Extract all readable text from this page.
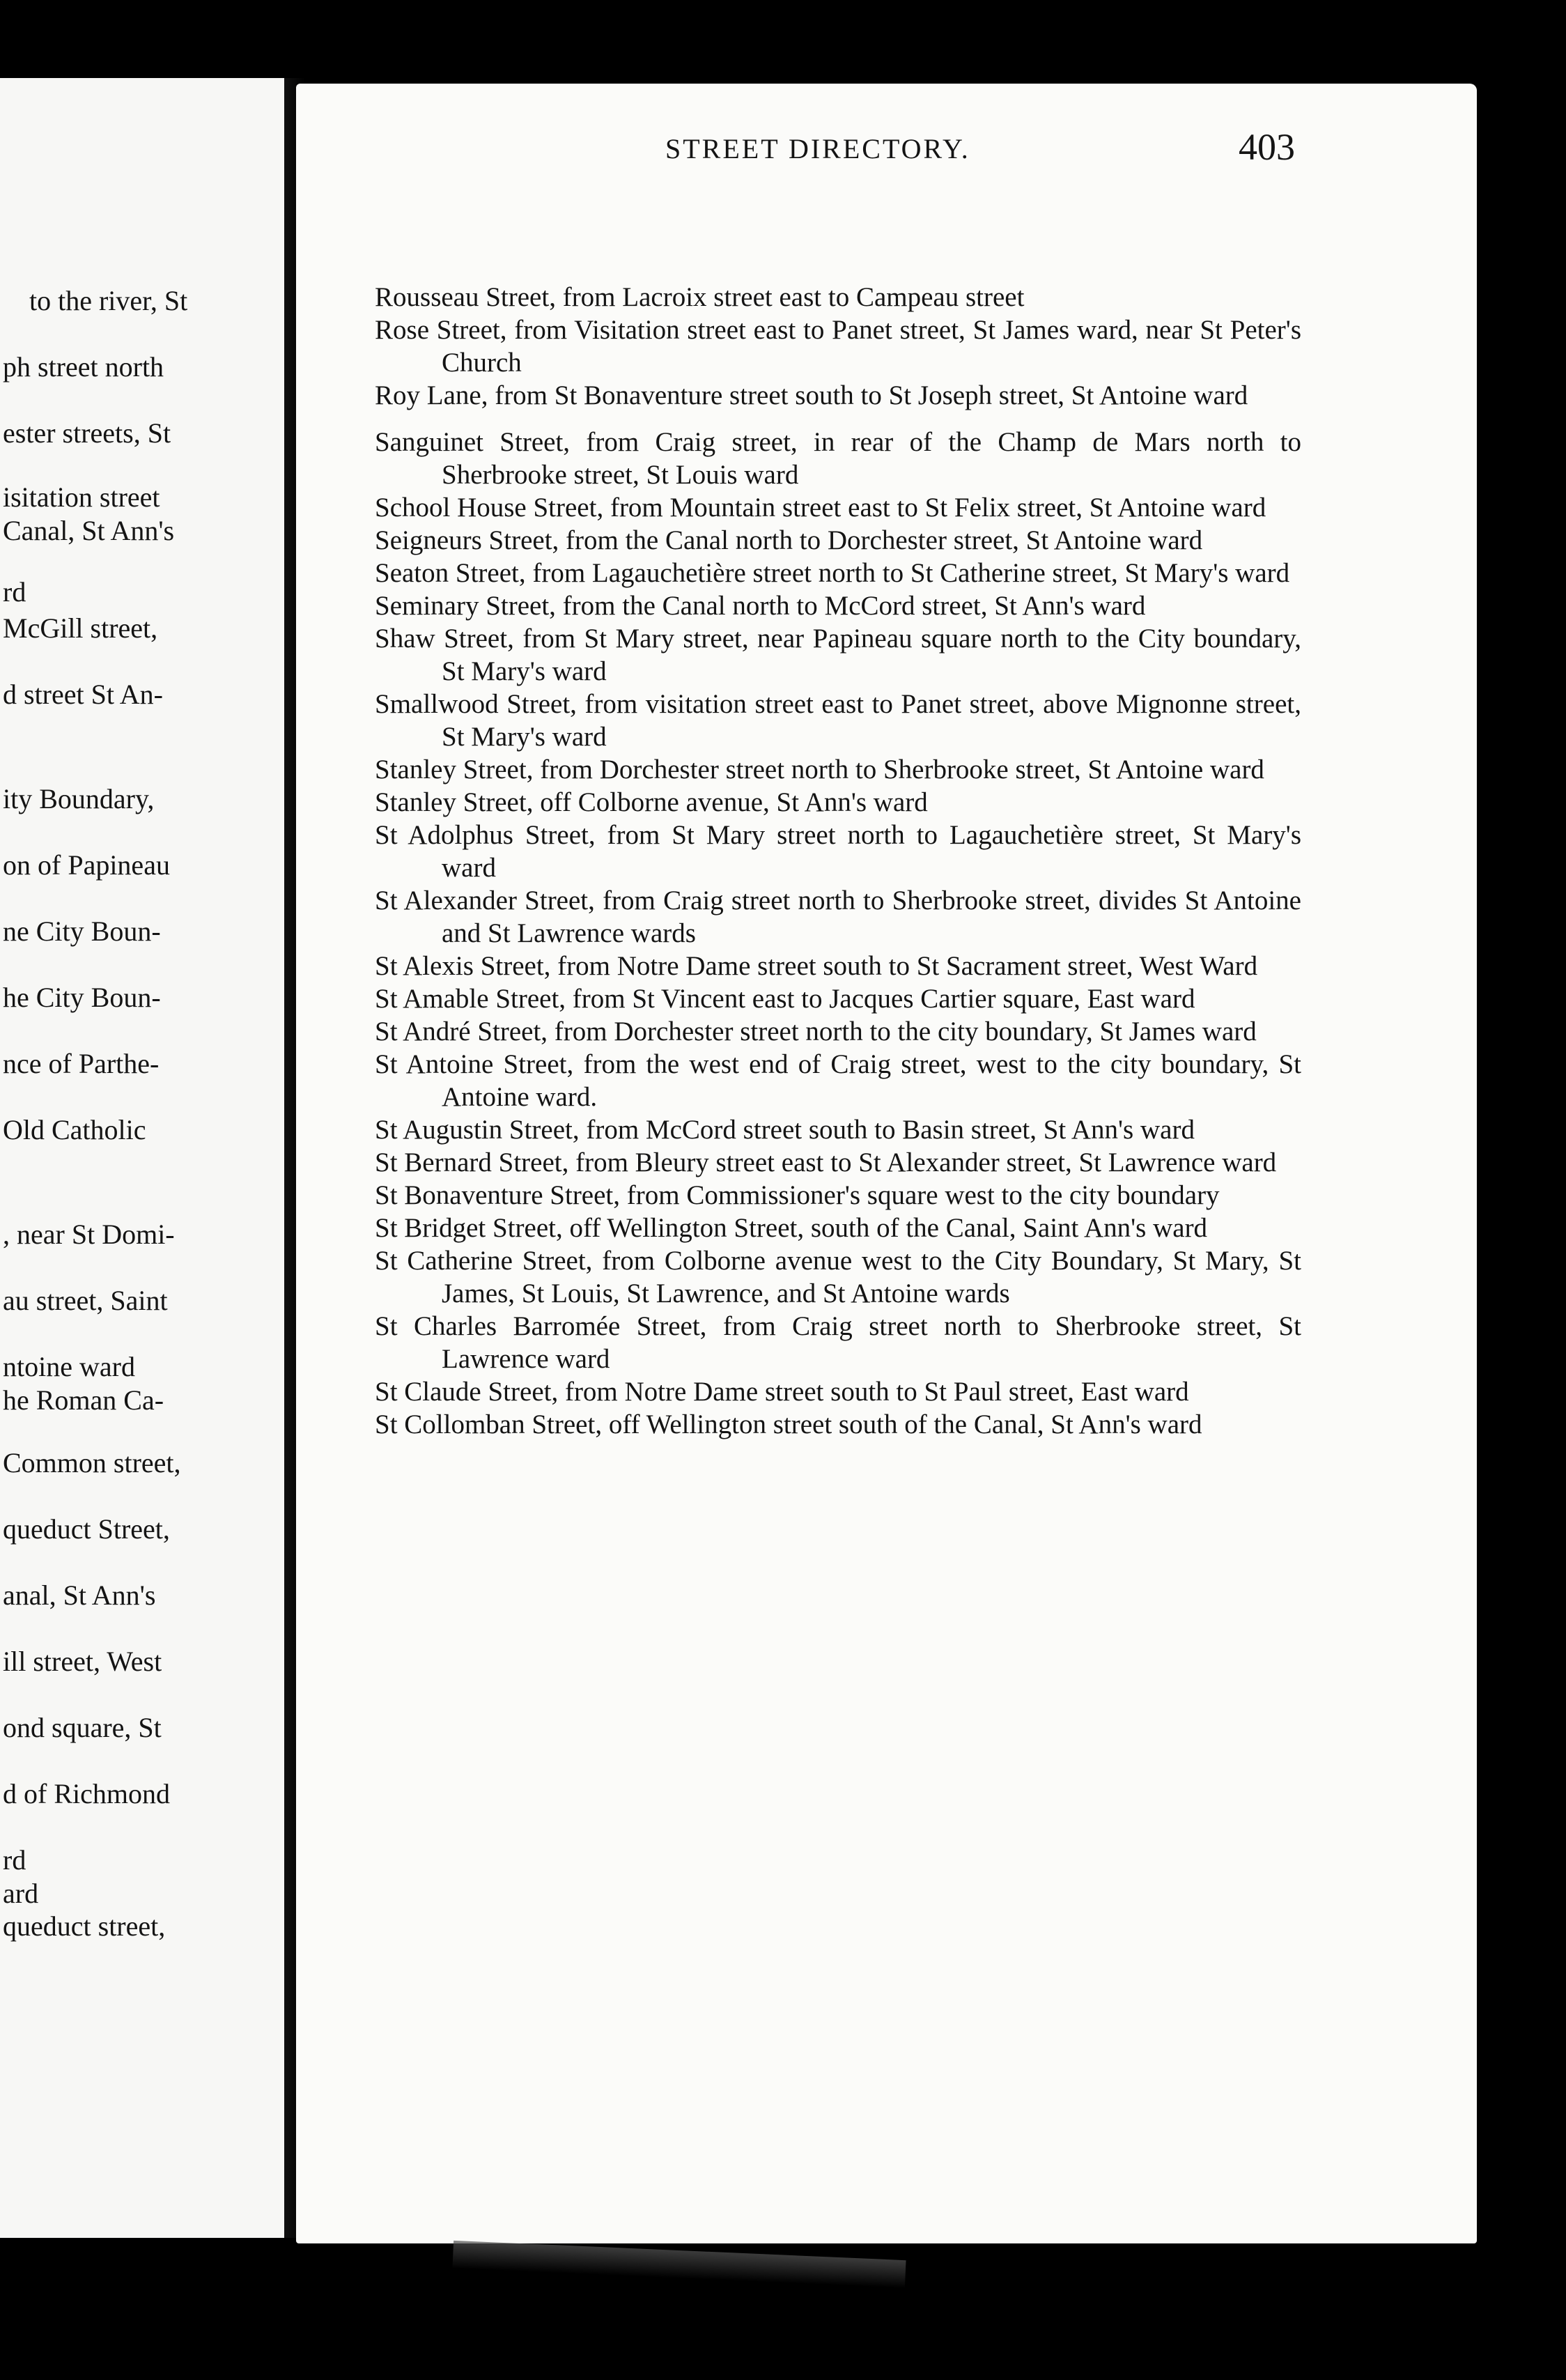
to the river, St
ph street north
ester streets, St
isitation street
Canal, St Ann's
rd
McGill street,
d street St An-
ity Boundary,
on of Papineau
ne City Boun-
he City Boun-
nce of Parthe-
Old Catholic
, near St Domi-
au street, Saint
ntoine ward
he Roman Ca-
Common street,
queduct Street,
anal, St Ann's
ill street, West
ond square, St
d of Richmond
rd
ard
queduct street,
STREET DIRECTORY.	403
Rousseau Street, from Lacroix street east to Campeau street
Rose Street, from Visitation street east to Panet street, St James ward, near St Peter's Church
Roy Lane, from St Bonaventure street south to St Joseph street, St Antoine ward
Sanguinet Street, from Craig street, in rear of the Champ de Mars north to Sherbrooke street, St Louis ward
School House Street, from Mountain street east to St Felix street, St Antoine ward
Seigneurs Street, from the Canal north to Dorchester street, St Antoine ward
Seaton Street, from Lagauchetière street north to St Catherine street, St Mary's ward
Seminary Street, from the Canal north to McCord street, St Ann's ward
Shaw Street, from St Mary street, near Papineau square north to the City boundary, St Mary's ward
Smallwood Street, from visitation street east to Panet street, above Mignonne street, St Mary's ward
Stanley Street, from Dorchester street north to Sherbrooke street, St Antoine ward
Stanley Street, off Colborne avenue, St Ann's ward
St Adolphus Street, from St Mary street north to Lagauchetière street, St Mary's ward
St Alexander Street, from Craig street north to Sherbrooke street, divides St Antoine and St Lawrence wards
St Alexis Street, from Notre Dame street south to St Sacrament street, West Ward
St Amable Street, from St Vincent east to Jacques Cartier square, East ward
St André Street, from Dorchester street north to the city boundary, St James ward
St Antoine Street, from the west end of Craig street, west to the city boundary, St Antoine ward.
St Augustin Street, from McCord street south to Basin street, St Ann's ward
St Bernard Street, from Bleury street east to St Alexander street, St Lawrence ward
St Bonaventure Street, from Commissioner's square west to the city boundary
St Bridget Street, off Wellington Street, south of the Canal, Saint Ann's ward
St Catherine Street, from Colborne avenue west to the City Boundary, St Mary, St James, St Louis, St Lawrence, and St Antoine wards
St Charles Barromée Street, from Craig street north to Sherbrooke street, St Lawrence ward
St Claude Street, from Notre Dame street south to St Paul street, East ward
St Collomban Street, off Wellington street south of the Canal, St Ann's ward
